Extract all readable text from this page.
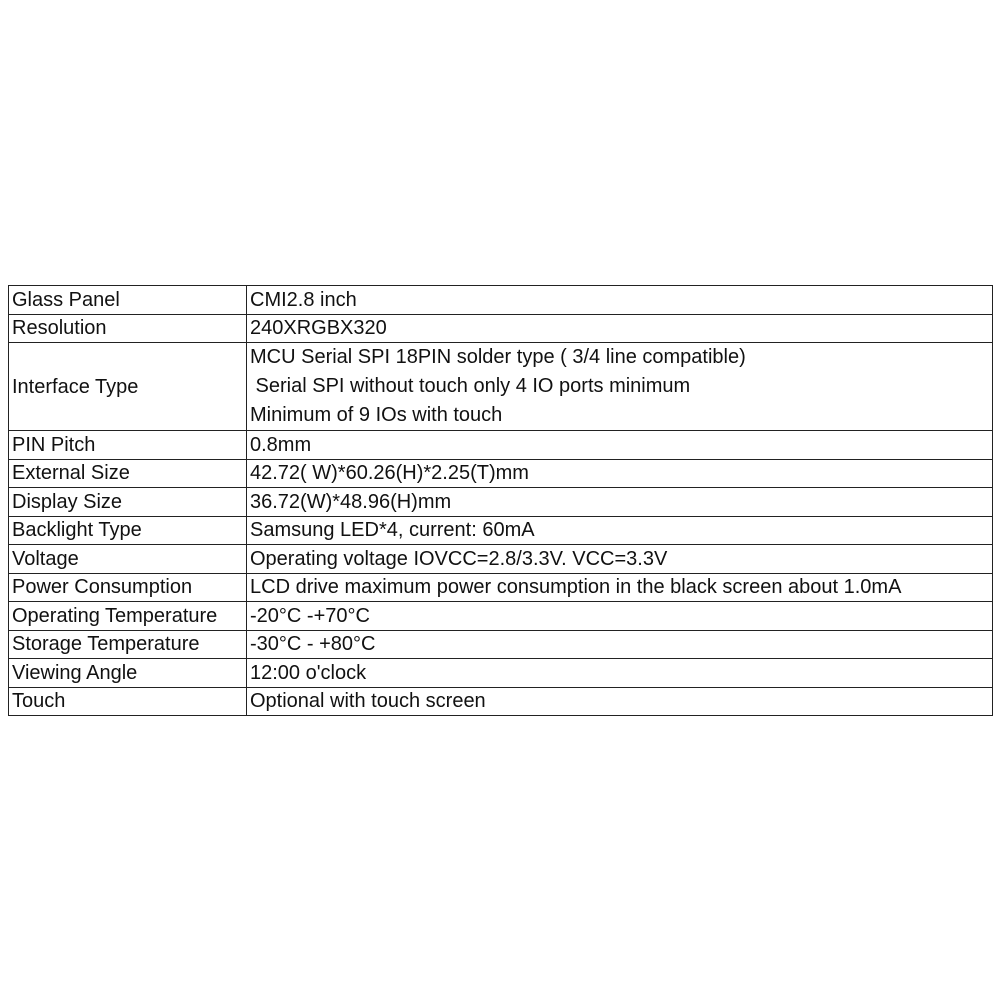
Glass Panel	CMI2.8 inch

Resolution	240XRGBX320

Interface Type	MCU Serial SPI 18PIN solder type ( 3/4 line compatible)
Serial SPI without touch only 4 IO ports minimum
Minimum of 9 IOs with touch

PIN Pitch	0.8mm

External Size	42.72( W)*60.26(H)*2.25(T)mm

Display Size	36.72(W)*48.96(H)mm

Backlight Type	Samsung LED*4, current: 60mA

Voltage	Operating voltage IOVCC=2.8/3.3V. VCC=3.3V

Power Consumption	LCD drive maximum power consumption in the black screen about 1.0mA

Operating Temperature	-20°C -+70°C

Storage Temperature	-30°C - +80°C

Viewing Angle	12:00 o'clock

Touch	Optional with touch screen
